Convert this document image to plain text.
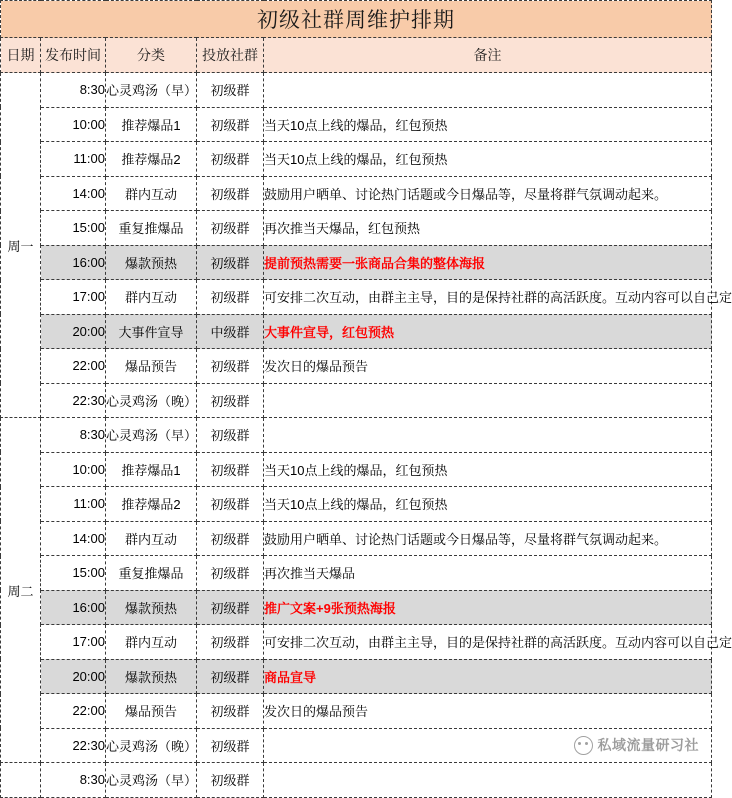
初级社群周维护排期				
日期	发布时间	分类	投放社群	备注
周一	8:30	心灵鸡汤（早）	初级群	
	10:00	推荐爆品1	初级群	当天10点上线的爆品，红包预热
	11:00	推荐爆品2	初级群	当天10点上线的爆品，红包预热
	14:00	群内互动	初级群	鼓励用户晒单、讨论热门话题或今日爆品等，尽量将群气氛调动起来。
	15:00	重复推爆品	初级群	再次推当天爆品，红包预热
	16:00	爆款预热	初级群	提前预热需要一张商品合集的整体海报
	17:00	群内互动	初级群	可安排二次互动，由群主主导，目的是保持社群的高活跃度。互动内容可以自己定
	20:00	大事件宣导	中级群	大事件宣导，红包预热
	22:00	爆品预告	初级群	发次日的爆品预告
	22:30	心灵鸡汤（晚）	初级群	
周二	8:30	心灵鸡汤（早）	初级群	
	10:00	推荐爆品1	初级群	当天10点上线的爆品，红包预热
	11:00	推荐爆品2	初级群	当天10点上线的爆品，红包预热
	14:00	群内互动	初级群	鼓励用户晒单、讨论热门话题或今日爆品等，尽量将群气氛调动起来。
	15:00	重复推爆品	初级群	再次推当天爆品
	16:00	爆款预热	初级群	推广文案+9张预热海报
	17:00	群内互动	初级群	可安排二次互动，由群主主导，目的是保持社群的高活跃度。互动内容可以自己定
	20:00	爆款预热	初级群	商品宣导
	22:00	爆品预告	初级群	发次日的爆品预告
	22:30	心灵鸡汤（晚）	初级群	
	8:30	心灵鸡汤（早）	初级群	
私域流量研习社
